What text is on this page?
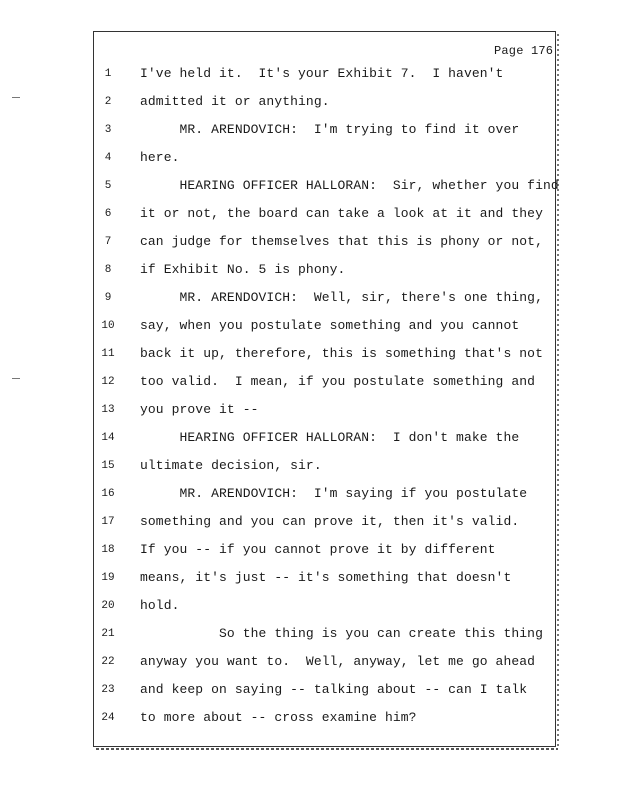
Page 176
1	I've held it.  It's your Exhibit 7.  I haven't
2	admitted it or anything.
3	MR. ARENDOVICH:  I'm trying to find it over
4	here.
5	HEARING OFFICER HALLORAN:  Sir, whether you find
6	it or not, the board can take a look at it and they
7	can judge for themselves that this is phony or not,
8	if Exhibit No. 5 is phony.
9	MR. ARENDOVICH:  Well, sir, there's one thing,
10	say, when you postulate something and you cannot
11	back it up, therefore, this is something that's not
12	too valid.  I mean, if you postulate something and
13	you prove it --
14	HEARING OFFICER HALLORAN:  I don't make the
15	ultimate decision, sir.
16	MR. ARENDOVICH:  I'm saying if you postulate
17	something and you can prove it, then it's valid.
18	If you -- if you cannot prove it by different
19	means, it's just -- it's something that doesn't
20	hold.
21	So the thing is you can create this thing
22	anyway you want to.  Well, anyway, let me go ahead
23	and keep on saying -- talking about -- can I talk
24	to more about -- cross examine him?
